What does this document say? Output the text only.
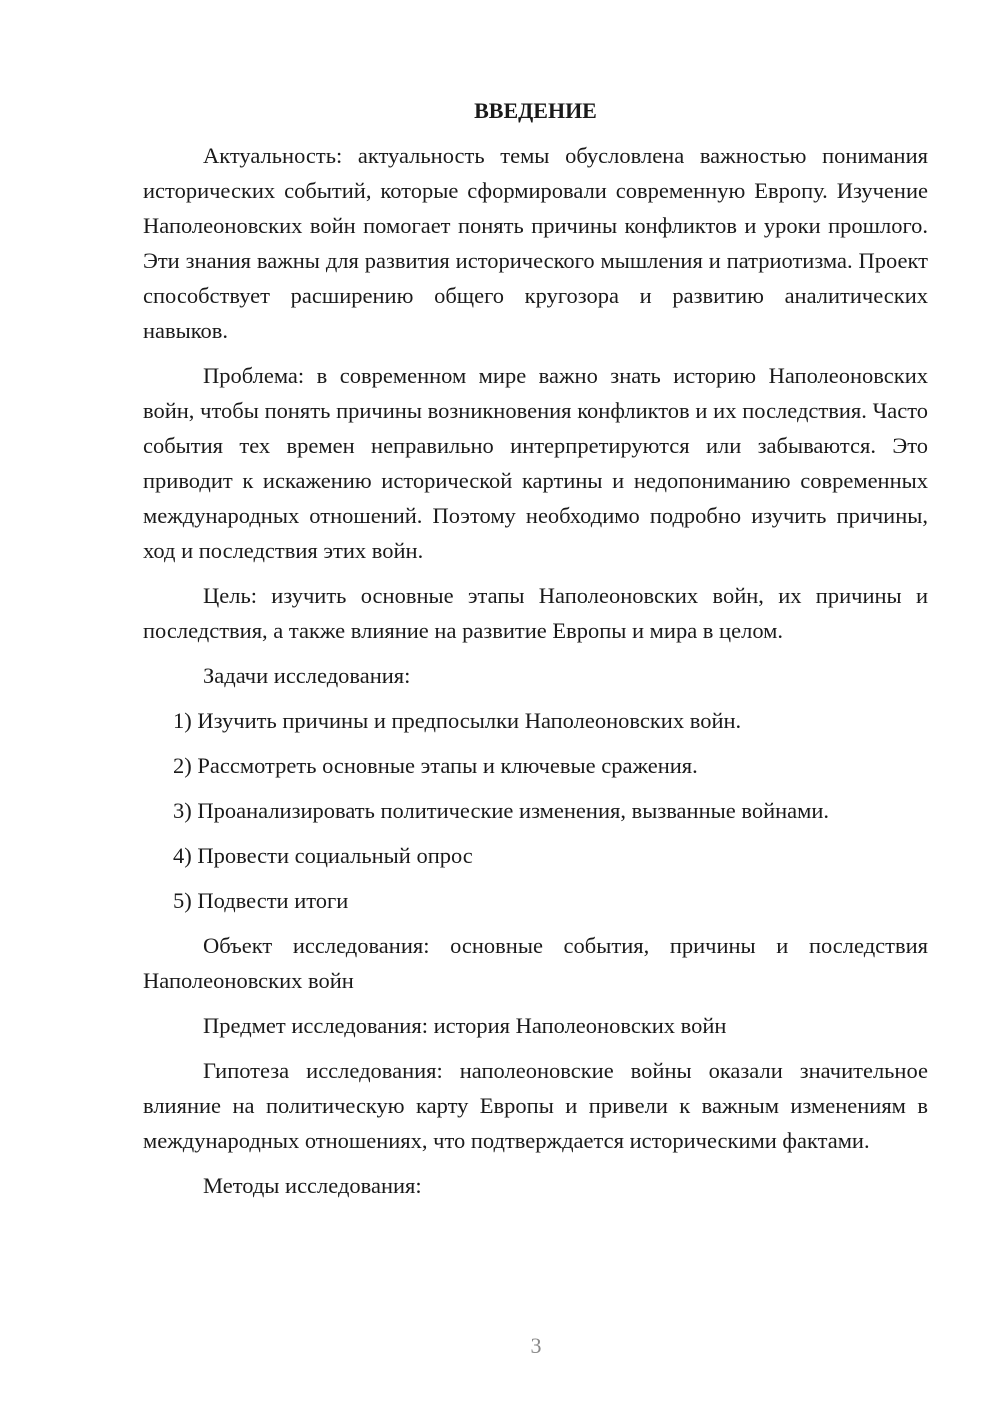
ВВЕДЕНИЕ

Актуальность: актуальность темы обусловлена важностью понимания исторических событий, которые сформировали современную Европу. Изучение Наполеоновских войн помогает понять причины конфликтов и уроки прошлого. Эти знания важны для развития исторического мышления и патриотизма. Проект способствует расширению общего кругозора и развитию аналитических навыков.

Проблема: в современном мире важно знать историю Наполеоновских войн, чтобы понять причины возникновения конфликтов и их последствия. Часто события тех времен неправильно интерпретируются или забываются. Это приводит к искажению исторической картины и недопониманию современных международных отношений. Поэтому необходимо подробно изучить причины, ход и последствия этих войн.

Цель: изучить основные этапы Наполеоновских войн, их причины и последствия, а также влияние на развитие Европы и мира в целом.

Задачи исследования:

1) Изучить причины и предпосылки Наполеоновских войн.
2) Рассмотреть основные этапы и ключевые сражения.
3) Проанализировать политические изменения, вызванные войнами.
4) Провести социальный опрос
5) Подвести итоги

Объект исследования: основные события, причины и последствия Наполеоновских войн

Предмет исследования: история Наполеоновских войн

Гипотеза исследования: наполеоновские войны оказали значительное влияние на политическую карту Европы и привели к важным изменениям в международных отношениях, что подтверждается историческими фактами.

Методы исследования:

3
